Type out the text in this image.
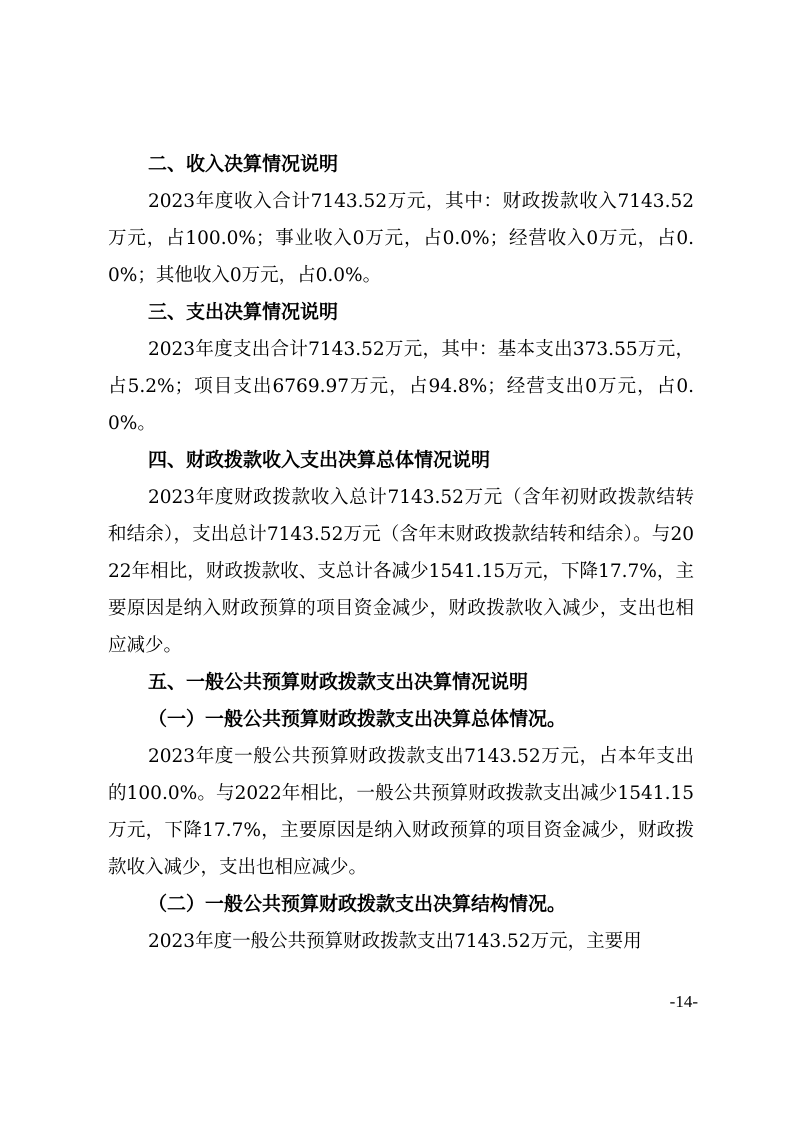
二、收入决算情况说明
2023年度收入合计7143.52万元，其中：财政拨款收入7143.52万元，占100.0%；事业收入0万元，占0.0%；经营收入0万元，占0.0%；其他收入0万元，占0.0%。
三、支出决算情况说明
2023年度支出合计7143.52万元，其中：基本支出373.55万元，占5.2%；项目支出6769.97万元，占94.8%；经营支出0万元，占0.0%。
四、财政拨款收入支出决算总体情况说明
2023年度财政拨款收入总计7143.52万元（含年初财政拨款结转和结余），支出总计7143.52万元（含年末财政拨款结转和结余）。与2022年相比，财政拨款收、支总计各减少1541.15万元，下降17.7%，主要原因是纳入财政预算的项目资金减少，财政拨款收入减少，支出也相应减少。
五、一般公共预算财政拨款支出决算情况说明
（一）一般公共预算财政拨款支出决算总体情况。
2023年度一般公共预算财政拨款支出7143.52万元，占本年支出的100.0%。与2022年相比，一般公共预算财政拨款支出减少1541.15万元，下降17.7%，主要原因是纳入财政预算的项目资金减少，财政拨款收入减少，支出也相应减少。
（二）一般公共预算财政拨款支出决算结构情况。
2023年度一般公共预算财政拨款支出7143.52万元，主要用
-14-
